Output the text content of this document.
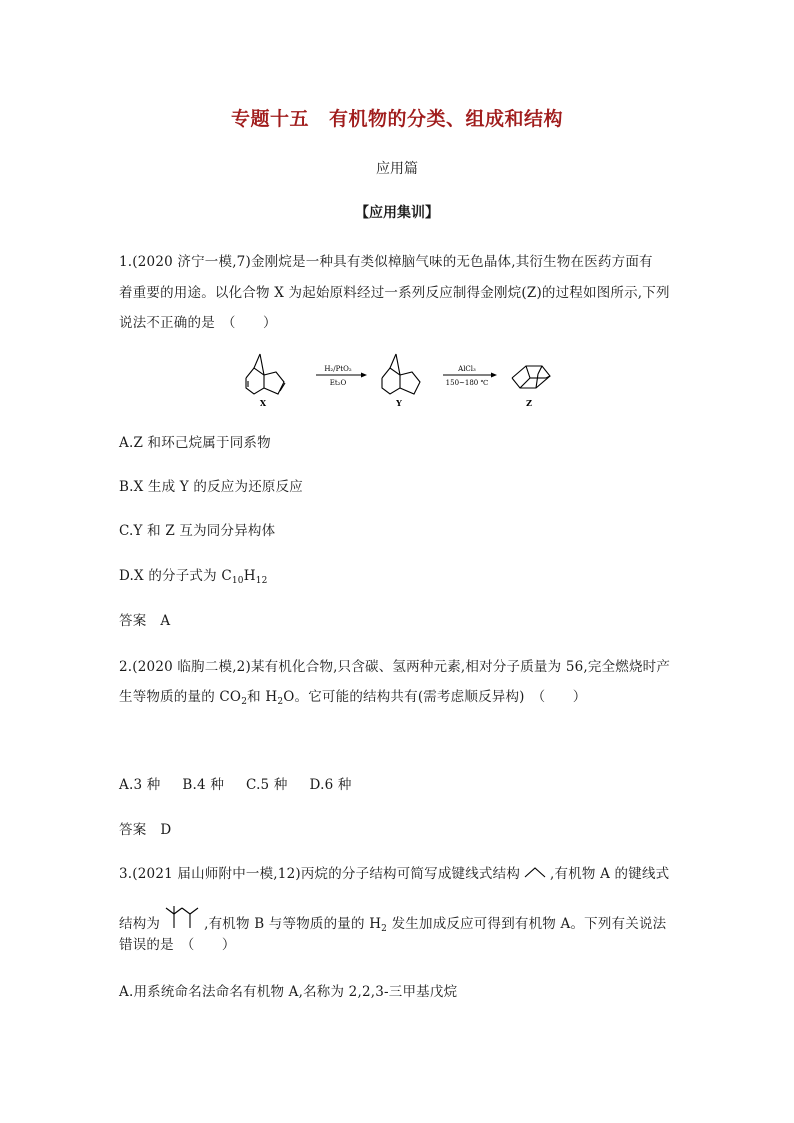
专题十五 有机物的分类、组成和结构
应用篇
【应用集训】
1.(2020 济宁一模,7)金刚烷是一种具有类似樟脑气味的无色晶体,其衍生物在医药方面有
着重要的用途。以化合物 X 为起始原料经过一系列反应制得金刚烷(Z)的过程如图所示,下列
说法不正确的是　（　　）
X
H₂/PtO₂
Et₂O
Y
AlCl₃
150~180 ℃
Z
A.Z 和环己烷属于同系物
B.X 生成 Y 的反应为还原反应
C.Y 和 Z 互为同分异构体
D.X 的分子式为 $C_{10}H_{12}$
答案 A
2.(2020 临朐二模,2)某有机化合物,只含碳、氢两种元素,相对分子质量为 56,完全燃烧时产
生等物质的量的 $CO_2$和 $H_2O$。它可能的结构共有(需考虑顺反异构)　（　　）
A.3 种 B.4 种 C.5 种 D.6 种
答案 D
3.(2021 届山师附中一模,12)丙烷的分子结构可简写成键线式结构 ,有机物 A 的键线式
结构为	,有机物 B 与等物质的量的 $H_2$ 发生加成反应可得到有机物 A。下列有关说法
错误的是　（　　）
A.用系统命名法命名有机物 A,名称为 2,2,3-三甲基戊烷
